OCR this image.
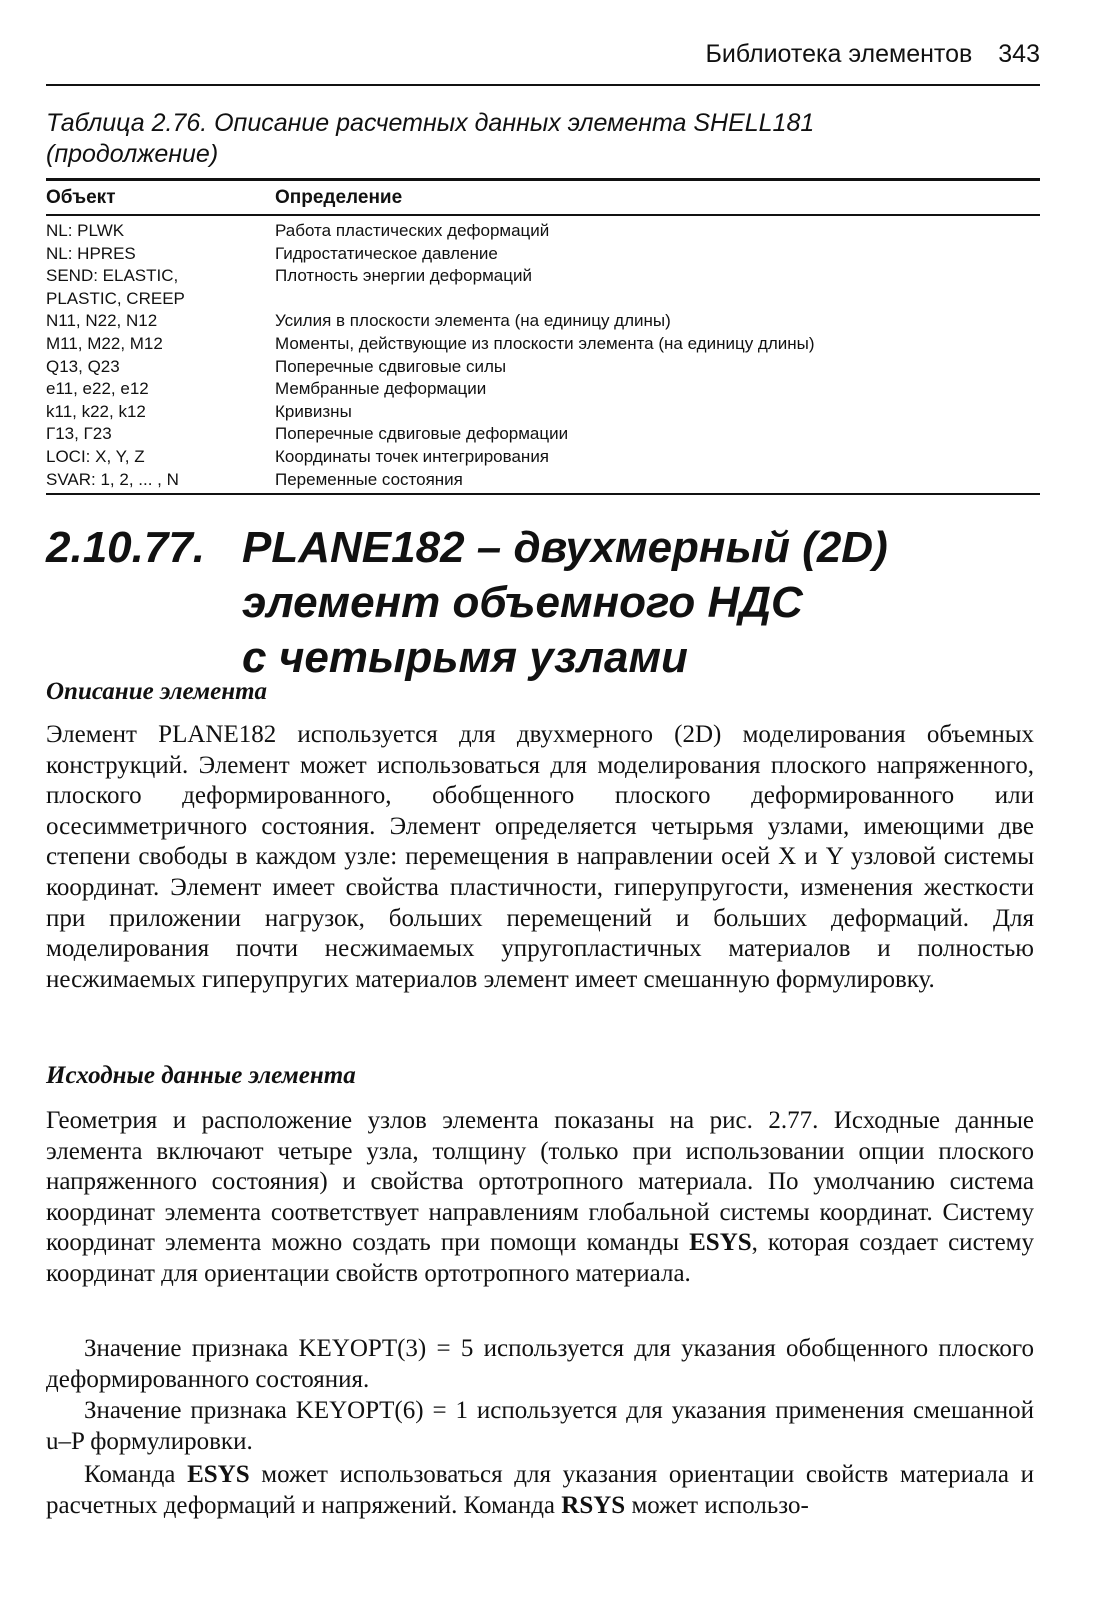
Библиотека элементов 343
Таблица 2.76. Описание расчетных данных элемента SHELL181
(продолжение)
Объект	Определение
NL: PLWK	Работа пластических деформаций
NL: HPRES	Гидростатическое давление
SEND: ELASTIC,	Плотность энергии деформаций
PLASTIC, CREEP
N11, N22, N12	Усилия в плоскости элемента (на единицу длины)
M11, M22, M12	Моменты, действующие из плоскости элемента (на единицу длины)
Q13, Q23	Поперечные сдвиговые силы
e11, e22, e12	Мембранные деформации
k11, k22, k12	Кривизны
Г13, Г23	Поперечные сдвиговые деформации
LOCI: X, Y, Z	Координаты точек интегрирования
SVAR: 1, 2, ... , N	Переменные состояния
2.10.77. PLANE182 – двухмерный (2D)
элемент объемного НДС
с четырьмя узлами
Описание элемента
Элемент PLANE182 используется для двухмерного (2D) моделирования объемных конструкций. Элемент может использоваться для моделирования плоского напряженного, плоского деформированного, обобщенного плоского деформированного или осесимметричного состояния. Элемент определяется четырьмя узлами, имеющими две степени свободы в каждом узле: перемещения в направлении осей X и Y узловой системы координат. Элемент имеет свойства пластичности, гиперупругости, изменения жесткости при приложении нагрузок, больших перемещений и больших деформаций. Для моделирования почти несжимаемых упругопластичных материалов и полностью несжимаемых гиперупругих материалов элемент имеет смешанную формулировку.
Исходные данные элемента
Геометрия и расположение узлов элемента показаны на рис. 2.77. Исходные данные элемента включают четыре узла, толщину (только при использовании опции плоского напряженного состояния) и свойства ортотропного материала. По умолчанию система координат элемента соответствует направлениям глобальной системы координат. Систему координат элемента можно создать при помощи команды ESYS, которая создает систему координат для ориентации свойств ортотропного материала.
Значение признака KEYOPT(3) = 5 используется для указания обобщенного плоского деформированного состояния.
Значение признака KEYOPT(6) = 1 используется для указания применения смешанной u–P формулировки.
Команда ESYS может использоваться для указания ориентации свойств материала и расчетных деформаций и напряжений. Команда RSYS может использо-
